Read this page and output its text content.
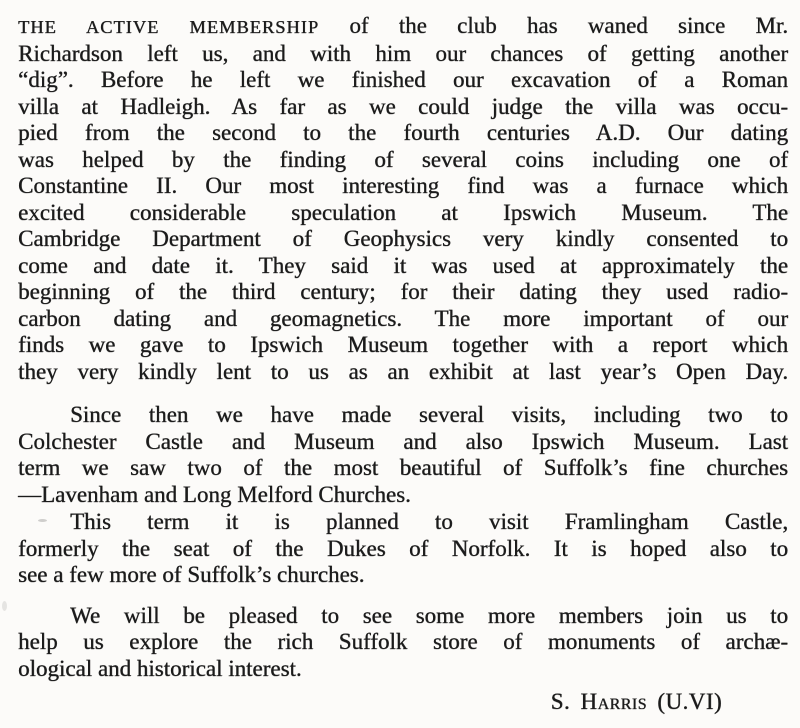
THE ACTIVE MEMBERSHIP of the club has waned since Mr.
Richardson left us, and with him our chances of getting another
“dig”. Before he left we finished our excavation of a Roman
villa at Hadleigh. As far as we could judge the villa was occu-
pied from the second to the fourth centuries A.D. Our dating
was helped by the finding of several coins including one of
Constantine II. Our most interesting find was a furnace which
excited considerable speculation at Ipswich Museum. The
Cambridge Department of Geophysics very kindly consented to
come and date it. They said it was used at approximately the
beginning of the third century; for their dating they used radio-
carbon dating and geomagnetics. The more important of our
finds we gave to Ipswich Museum together with a report which
they very kindly lent to us as an exhibit at last year’s Open Day.
Since then we have made several visits, including two to
Colchester Castle and Museum and also Ipswich Museum. Last
term we saw two of the most beautiful of Suffolk’s fine churches
—Lavenham and Long Melford Churches.
This term it is planned to visit Framlingham Castle,
formerly the seat of the Dukes of Norfolk. It is hoped also to
see a few more of Suffolk’s churches.
We will be pleased to see some more members join us to
help us explore the rich Suffolk store of monuments of archæ-
ological and historical interest.
S. Harris (U.VI)
